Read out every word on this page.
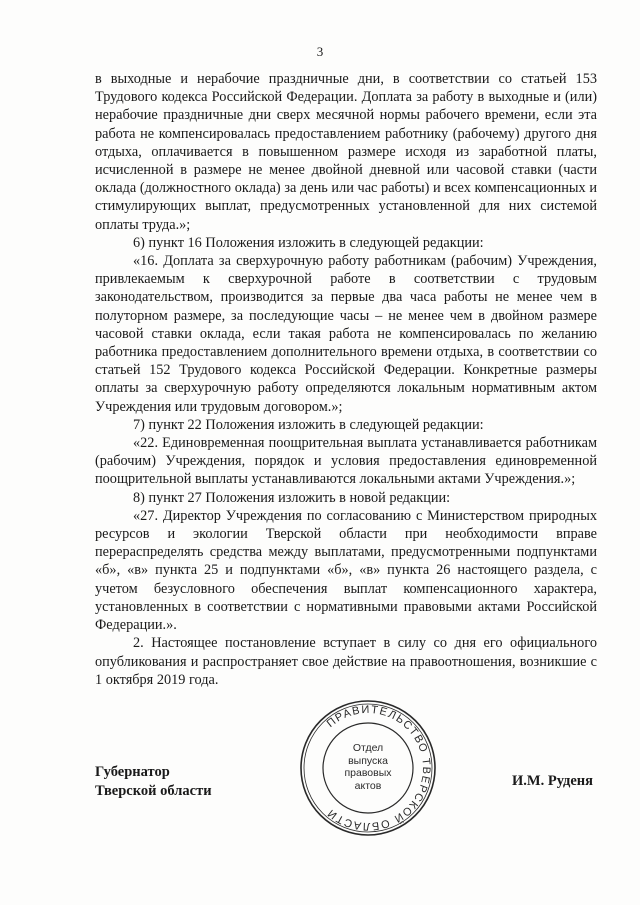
3

в выходные и нерабочие праздничные дни, в соответствии со статьей 153 Трудового кодекса Российской Федерации. Доплата за работу в выходные и (или) нерабочие праздничные дни сверх месячной нормы рабочего времени, если эта работа не компенсировалась предоставлением работнику (рабочему) другого дня отдыха, оплачивается в повышенном размере исходя из заработной платы, исчисленной в размере не менее двойной дневной или часовой ставки (части оклада (должностного оклада) за день или час работы) и всех компенсационных и стимулирующих выплат, предусмотренных установленной для них системой оплаты труда.»;

6) пункт 16 Положения изложить в следующей редакции:

«16. Доплата за сверхурочную работу работникам (рабочим) Учреждения, привлекаемым к сверхурочной работе в соответствии с трудовым законодательством, производится за первые два часа работы не менее чем в полуторном размере, за последующие часы – не менее чем в двойном размере часовой ставки оклада, если такая работа не компенсировалась по желанию работника предоставлением дополнительного времени отдыха, в соответствии со статьей 152 Трудового кодекса Российской Федерации. Конкретные размеры оплаты за сверхурочную работу определяются локальным нормативным актом Учреждения или трудовым договором.»;

7) пункт 22 Положения изложить в следующей редакции:

«22. Единовременная поощрительная выплата устанавливается работникам (рабочим) Учреждения, порядок и условия предоставления единовременной поощрительной выплаты устанавливаются локальными актами Учреждения.»;

8) пункт 27 Положения изложить в новой редакции:

«27. Директор Учреждения по согласованию с Министерством природных ресурсов и экологии Тверской области при необходимости вправе перераспределять средства между выплатами, предусмотренными подпунктами «б», «в» пункта 25 и подпунктами «б», «в» пункта 26 настоящего раздела, с учетом безусловного обеспечения выплат компенсационного характера, установленных в соответствии с нормативными правовыми актами Российской Федерации.».

2. Настоящее постановление вступает в силу со дня его официального опубликования и распространяет свое действие на правоотношения, возникшие с 1 октября 2019 года.

ПРАВИТЕЛЬСТВО ТВЕРСКОЙ ОБЛАСТИ
Отдел
выпуска
правовых
актов
Губернатор
Тверской области
И.М. Руденя
